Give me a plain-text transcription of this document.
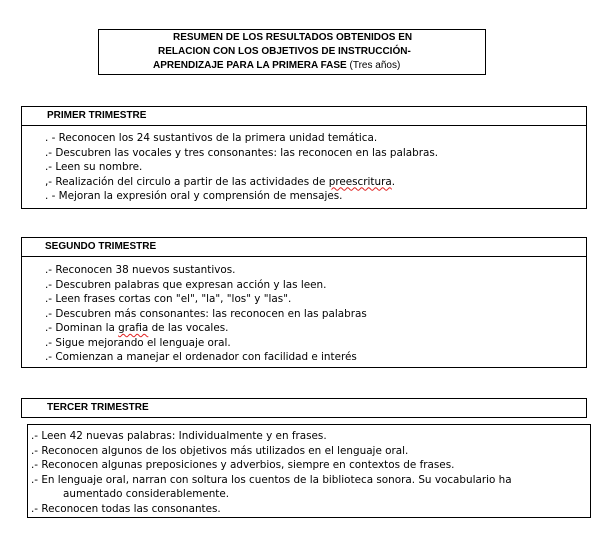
RESUMEN DE LOS RESULTADOS OBTENIDOS EN
RELACION CON LOS OBJETIVOS DE INSTRUCCIÓN-
APRENDIZAJE PARA LA PRIMERA FASE (Tres años)
PRIMER TRIMESTRE
. - Reconocen los 24 sustantivos de la primera unidad temática.
.- Descubren las vocales y tres consonantes: las reconocen en las palabras.
.- Leen su nombre.
,- Realización del circulo a partir de las actividades de preescritura.
. - Mejoran la expresión oral y comprensión de mensajes.
SEGUNDO TRIMESTRE
.- Reconocen 38 nuevos sustantivos.
.- Descubren palabras que expresan acción y las leen.
.- Leen frases cortas con "el", "la", "los" y "las".
.- Descubren más consonantes: las reconocen en las palabras
.- Dominan la grafia de las vocales.
.- Sigue mejorando el lenguaje oral.
.- Comienzan a manejar el ordenador con facilidad e interés
TERCER TRIMESTRE
.- Leen 42 nuevas palabras: Individualmente y en frases.
.- Reconocen algunos de los objetivos más utilizados en el lenguaje oral.
.- Reconocen algunas preposiciones y adverbios, siempre en contextos de frases.
.- En lenguaje oral, narran con soltura los cuentos de la biblioteca sonora. Su vocabulario ha
aumentado considerablemente.
.- Reconocen todas las consonantes.
